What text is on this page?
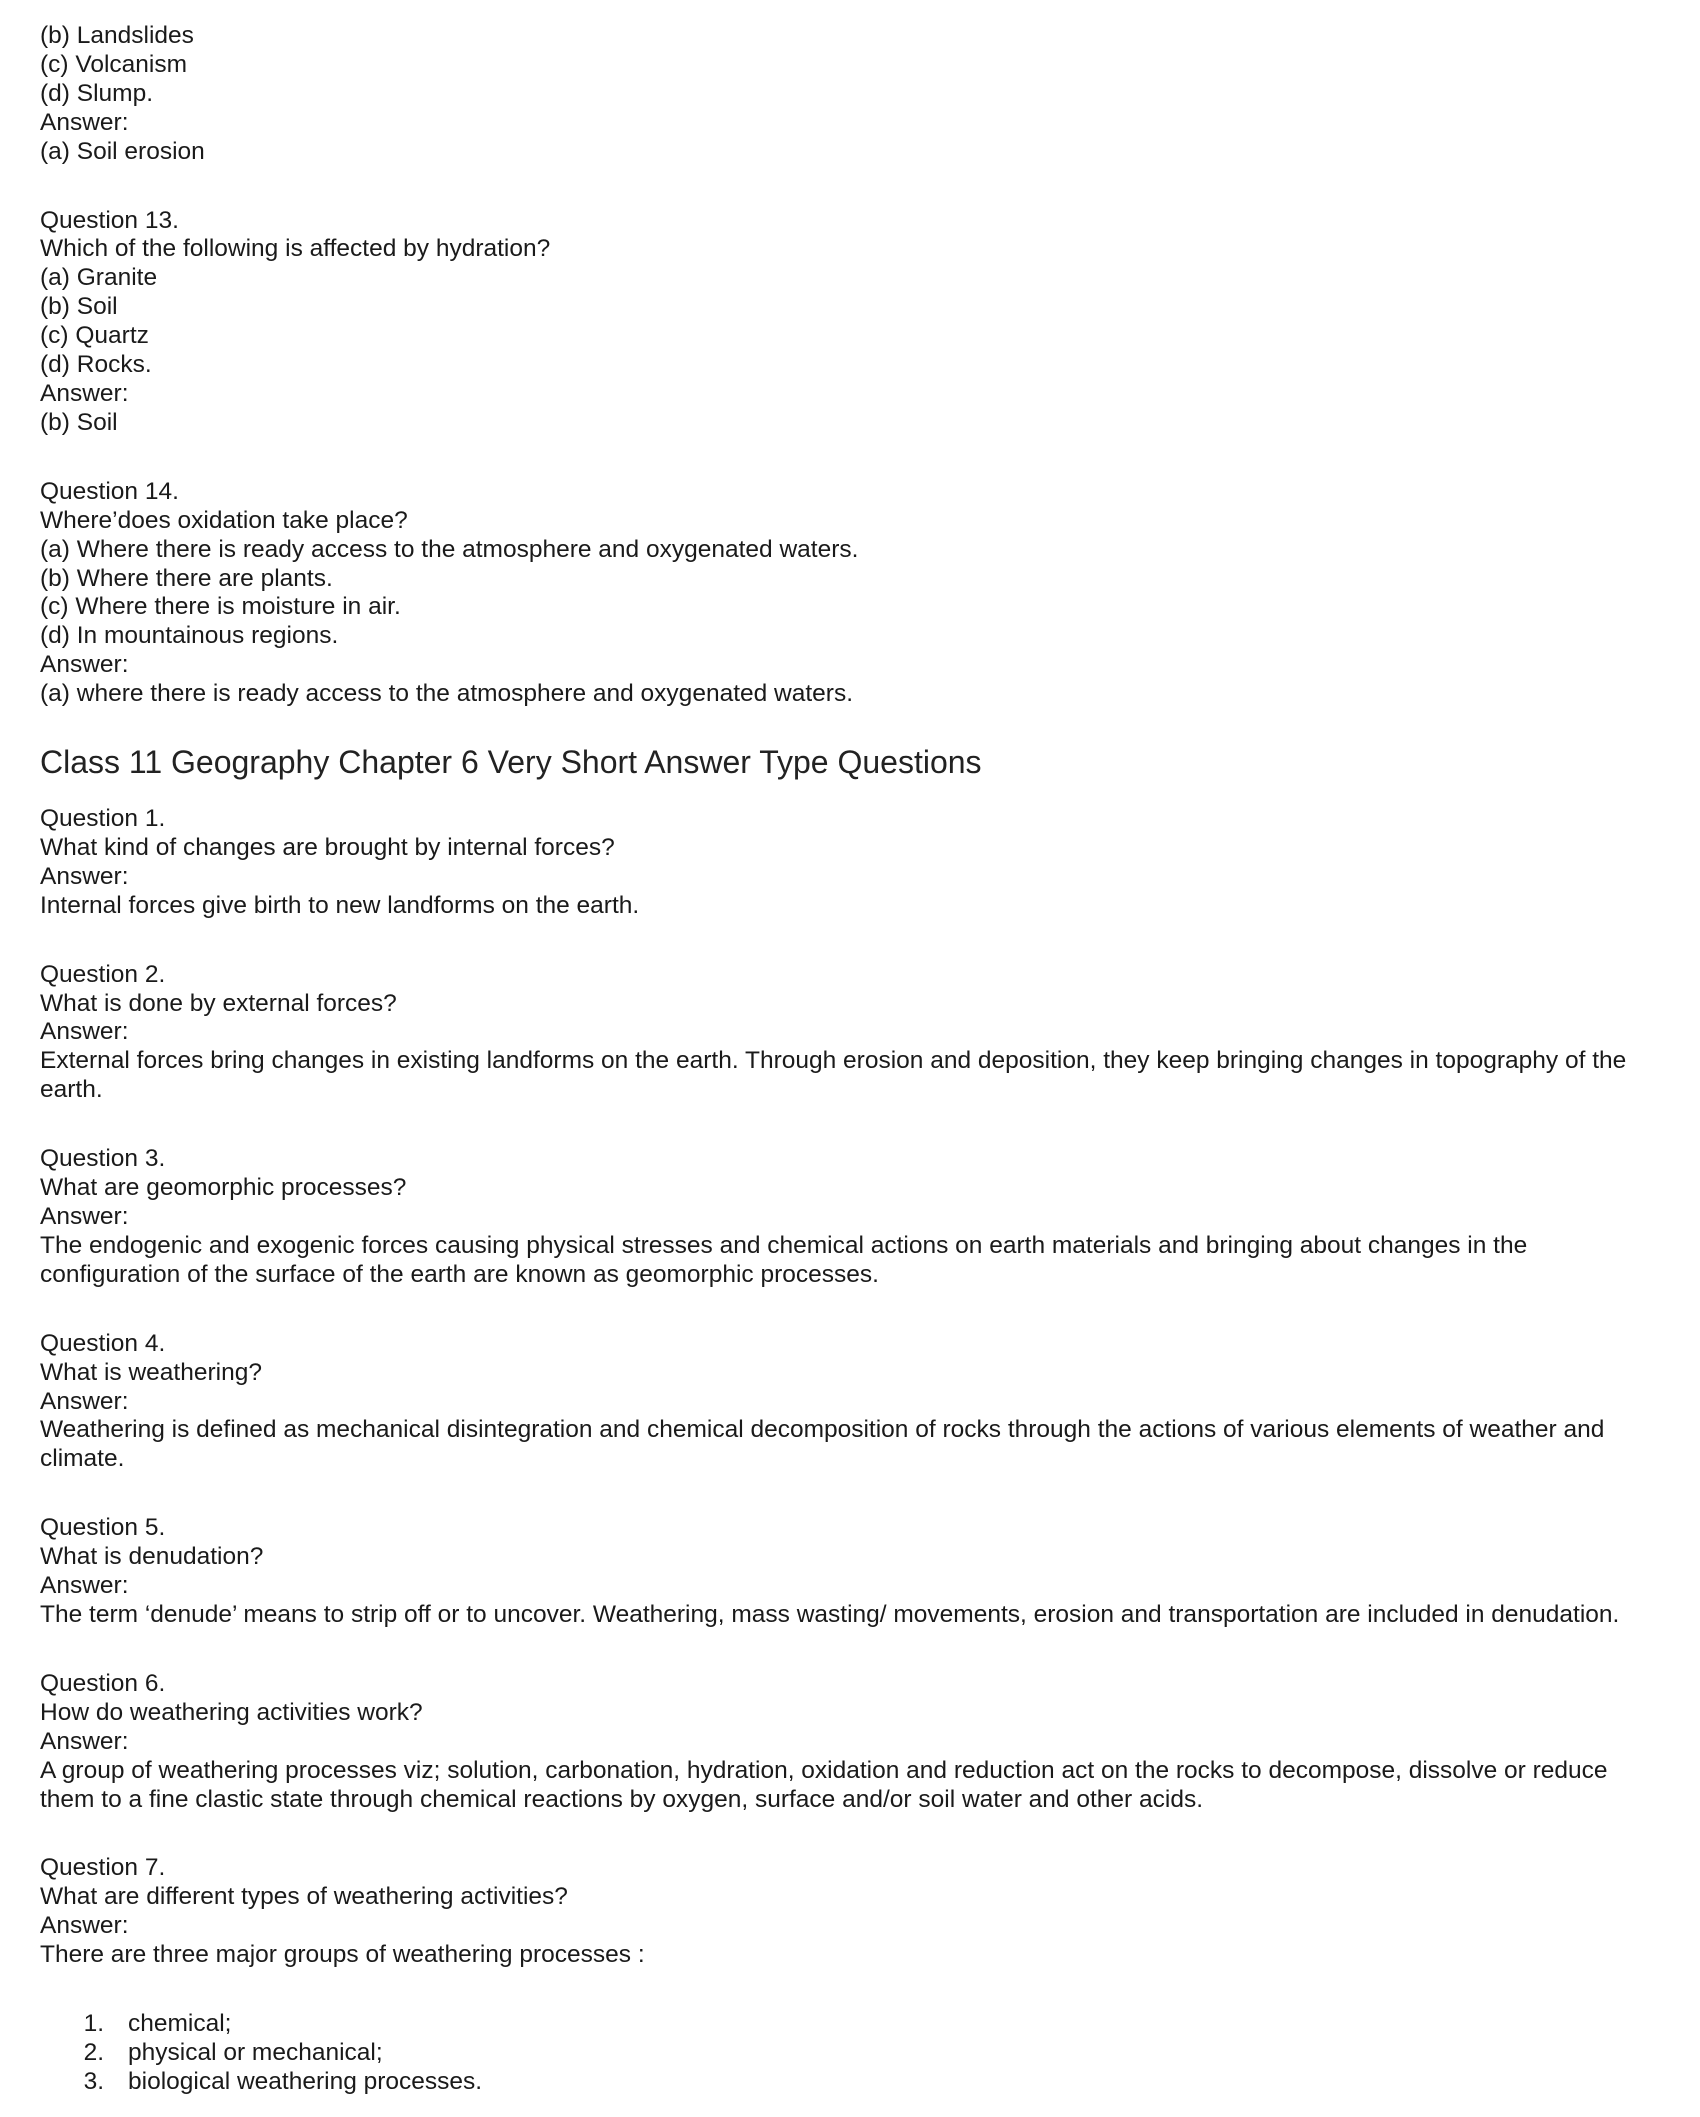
(b) Landslides
(c) Volcanism
(d) Slump.
Answer:
(a) Soil erosion
Question 13.
Which of the following is affected by hydration?
(a) Granite
(b) Soil
(c) Quartz
(d) Rocks.
Answer:
(b) Soil
Question 14.
Where’does oxidation take place?
(a) Where there is ready access to the atmosphere and oxygenated waters.
(b) Where there are plants.
(c) Where there is moisture in air.
(d) In mountainous regions.
Answer:
(a) where there is ready access to the atmosphere and oxygenated waters.
Class 11 Geography Chapter 6 Very Short Answer Type Questions
Question 1.
What kind of changes are brought by internal forces?
Answer:
Internal forces give birth to new landforms on the earth.
Question 2.
What is done by external forces?
Answer:
External forces bring changes in existing landforms on the earth. Through erosion and deposition, they keep bringing changes in topography of the earth.
Question 3.
What are geomorphic processes?
Answer:
The endogenic and exogenic forces causing physical stresses and chemical actions on earth materials and bringing about changes in the configuration of the surface of the earth are known as geomorphic processes.
Question 4.
What is weathering?
Answer:
Weathering is defined as mechanical disintegration and chemical decomposition of rocks through the actions of various elements of weather and climate.
Question 5.
What is denudation?
Answer:
The term ‘denude’ means to strip off or to uncover. Weathering, mass wasting/ movements, erosion and transportation are included in denudation.
Question 6.
How do weathering activities work?
Answer:
A group of weathering processes viz; solution, carbonation, hydration, oxidation and reduction act on the rocks to decompose, dissolve or reduce them to a fine clastic state through chemical reactions by oxygen, surface and/or soil water and other acids.
Question 7.
What are different types of weathering activities?
Answer:
There are three major groups of weathering processes :
1. chemical;
2. physical or mechanical;
3. biological weathering processes.
